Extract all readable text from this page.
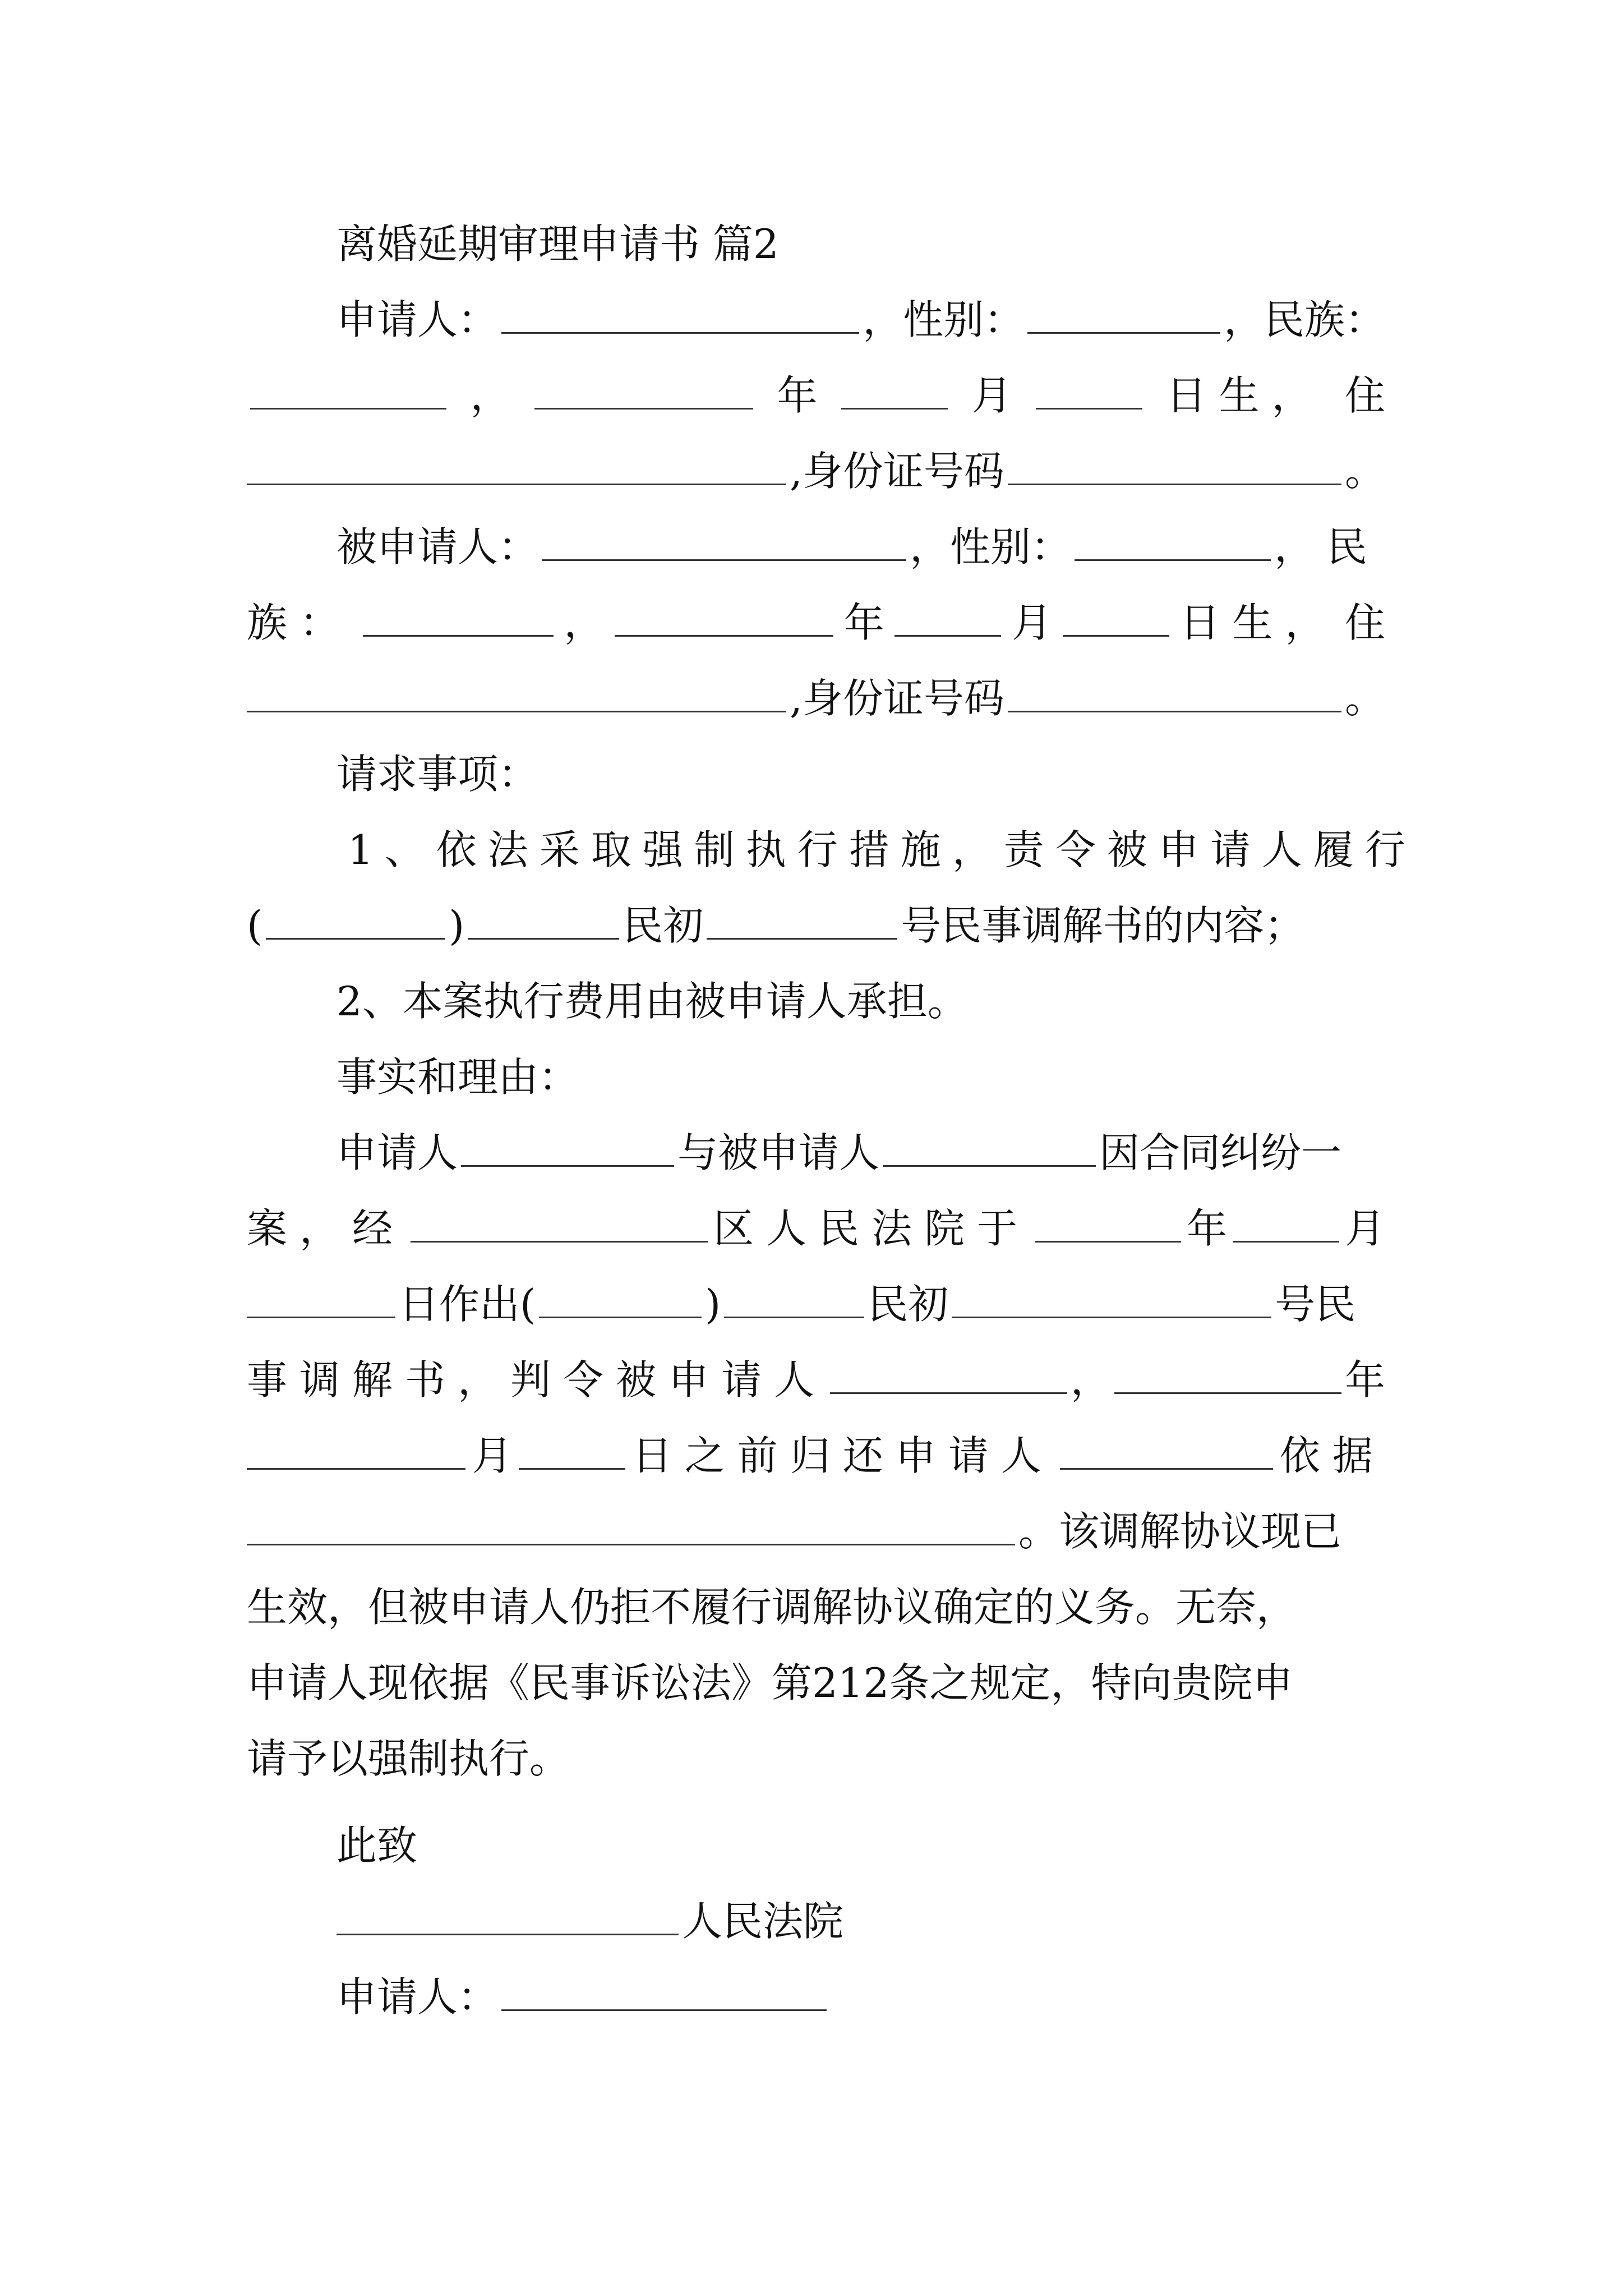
离婚延期审理申请书 篇2
申请人：	，性别：	，民族：
，	年	月	日生， 住
,身份证号码	。
被申请人：	，性别：	，民
族：	，	年	月	日生， 住
,身份证号码	。
请求事项：
1、依法采取强制执行措施，责令被申请人履行
(	)	民初	号民事调解书的内容；
2、本案执行费用由被申请人承担。
事实和理由：
申请人	与被申请人	因合同纠纷一
案，经	区人民法院于	年	月
日作出(	)	民初	号民
事调解书，判令被申请人	，	年
月	日之前归还申请人	依据
。该调解协议现已
生效，但被申请人仍拒不履行调解协议确定的义务。无奈，
申请人现依据《民事诉讼法》第212条之规定，特向贵院申
请予以强制执行。
此致
人民法院
申请人：
